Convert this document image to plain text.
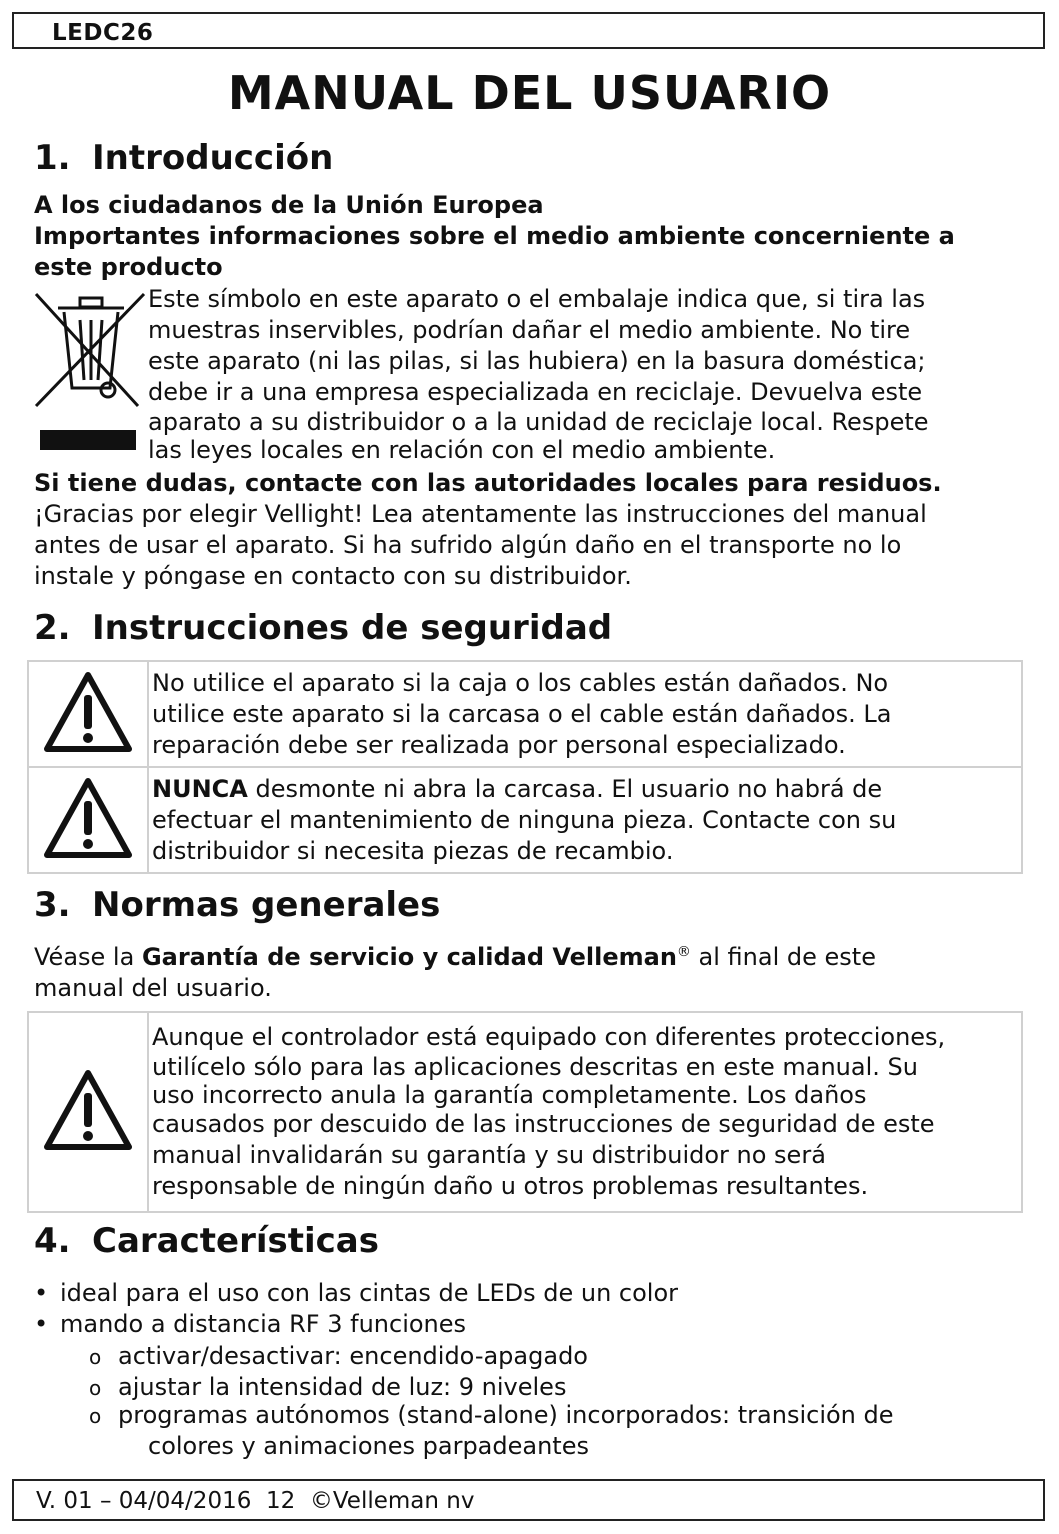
LEDC26
MANUAL DEL USUARIO
1. Introducción

A los ciudadanos de la Unión Europea

Importantes informaciones sobre el medio ambiente concerniente a

este producto

Este símbolo en este aparato o el embalaje indica que, si tira las
muestras inservibles, podrían dañar el medio ambiente. No tire
este aparato (ni las pilas, si las hubiera) en la basura doméstica;
debe ir a una empresa especializada en reciclaje. Devuelva este
aparato a su distribuidor o a la unidad de reciclaje local. Respete
las leyes locales en relación con el medio ambiente.

Si tiene dudas, contacte con las autoridades locales para residuos.

¡Gracias por elegir Vellight! Lea atentamente las instrucciones del manual
antes de usar el aparato. Si ha sufrido algún daño en el transporte no lo
instale y póngase en contacto con su distribuidor.
2. Instrucciones de seguridad

No utilice el aparato si la caja o los cables están dañados. No
utilice este aparato si la carcasa o el cable están dañados. La
reparación debe ser realizada por personal especializado.

NUNCA desmonte ni abra la carcasa. El usuario no habrá de
efectuar el mantenimiento de ninguna pieza. Contacte con su
distribuidor si necesita piezas de recambio.
3. Normas generales
Véase la Garantía de servicio y calidad Velleman® al final de este
manual del usuario.

Aunque el controlador está equipado con diferentes protecciones,
utilícelo sólo para las aplicaciones descritas en este manual. Su
uso incorrecto anula la garantía completamente. Los daños
causados por descuido de las instrucciones de seguridad de este
manual invalidarán su garantía y su distribuidor no será
responsable de ningún daño u otros problemas resultantes.
4. Características
• ideal para el uso con las cintas de LEDs de un color
• mando a distancia RF 3 funciones
o activar/desactivar: encendido-apagado
o ajustar la intensidad de luz: 9 niveles
o programas autónomos (stand-alone) incorporados: transición de
colores y animaciones parpadeantes
V. 01 – 04/04/2016  12  ©Velleman nv
